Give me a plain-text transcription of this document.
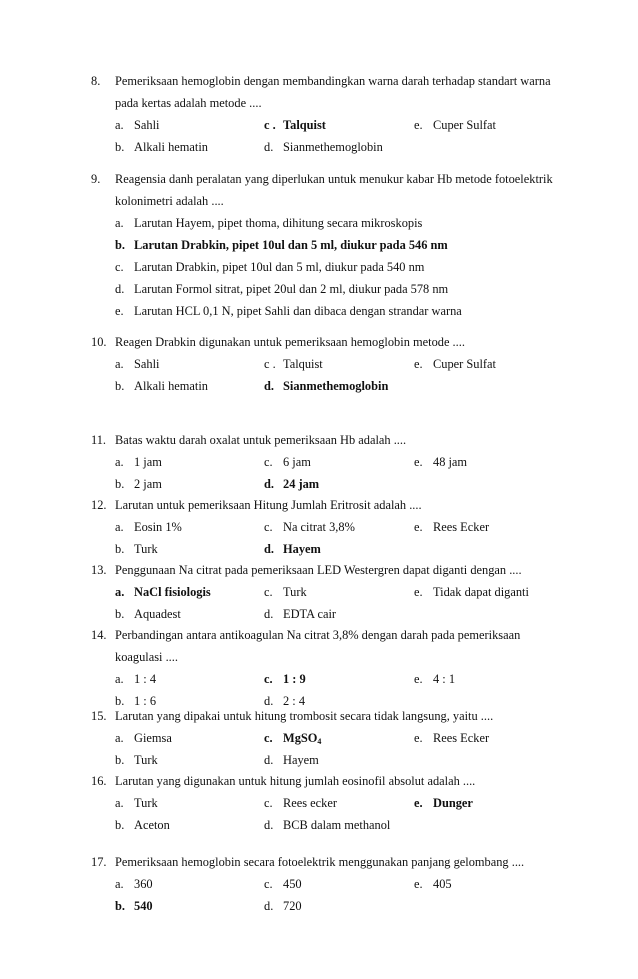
8. Pemeriksaan hemoglobin dengan membandingkan warna darah terhadap standart warna
pada kertas adalah metode ....
a. Sahli	c . Talquist	e. Cuper Sulfat
b. Alkali hematin	d. Sianmethemoglobin
9. Reagensia danh peralatan yang diperlukan untuk menukur kabar Hb metode fotoelektrik
kolonimetri adalah ....
a. Larutan Hayem, pipet thoma, dihitung secara mikroskopis
b. Larutan Drabkin, pipet 10ul dan 5 ml, diukur pada 546 nm
c. Larutan Drabkin, pipet 10ul dan 5 ml, diukur pada 540 nm
d. Larutan Formol sitrat, pipet 20ul dan 2 ml, diukur pada 578 nm
e. Larutan HCL 0,1 N, pipet Sahli dan dibaca dengan strandar warna
10. Reagen Drabkin digunakan untuk pemeriksaan hemoglobin metode ....
a. Sahli	c . Talquist	e. Cuper Sulfat
b. Alkali hematin	d. Sianmethemoglobin
11. Batas waktu darah oxalat untuk pemeriksaan Hb adalah ....
a. 1 jam	c. 6 jam	e. 48 jam
b. 2 jam	d. 24 jam
12. Larutan untuk pemeriksaan Hitung Jumlah Eritrosit adalah ....
a. Eosin 1%	c. Na citrat 3,8%	e. Rees Ecker
b. Turk	d. Hayem
13. Penggunaan Na citrat pada pemeriksaan LED Westergren dapat diganti dengan ....
a. NaCl fisiologis	c. Turk	e. Tidak dapat diganti
b. Aquadest	d. EDTA cair
14. Perbandingan antara antikoagulan Na citrat 3,8% dengan darah pada pemeriksaan
koagulasi ....
a. 1 : 4	c. 1 : 9	e. 4 : 1
b. 1 : 6	d. 2 : 4
15. Larutan yang dipakai untuk hitung trombosit secara tidak langsung, yaitu ....
a. Giemsa	c. MgSO$_4$	e. Rees Ecker
b. Turk	d. Hayem
16. Larutan yang digunakan untuk hitung jumlah eosinofil absolut adalah ....
a. Turk	c. Rees ecker	e. Dunger
b. Aceton	d. BCB dalam methanol
17. Pemeriksaan hemoglobin secara fotoelektrik menggunakan panjang gelombang ....
a. 360	c. 450	e. 405
b. 540	d. 720
